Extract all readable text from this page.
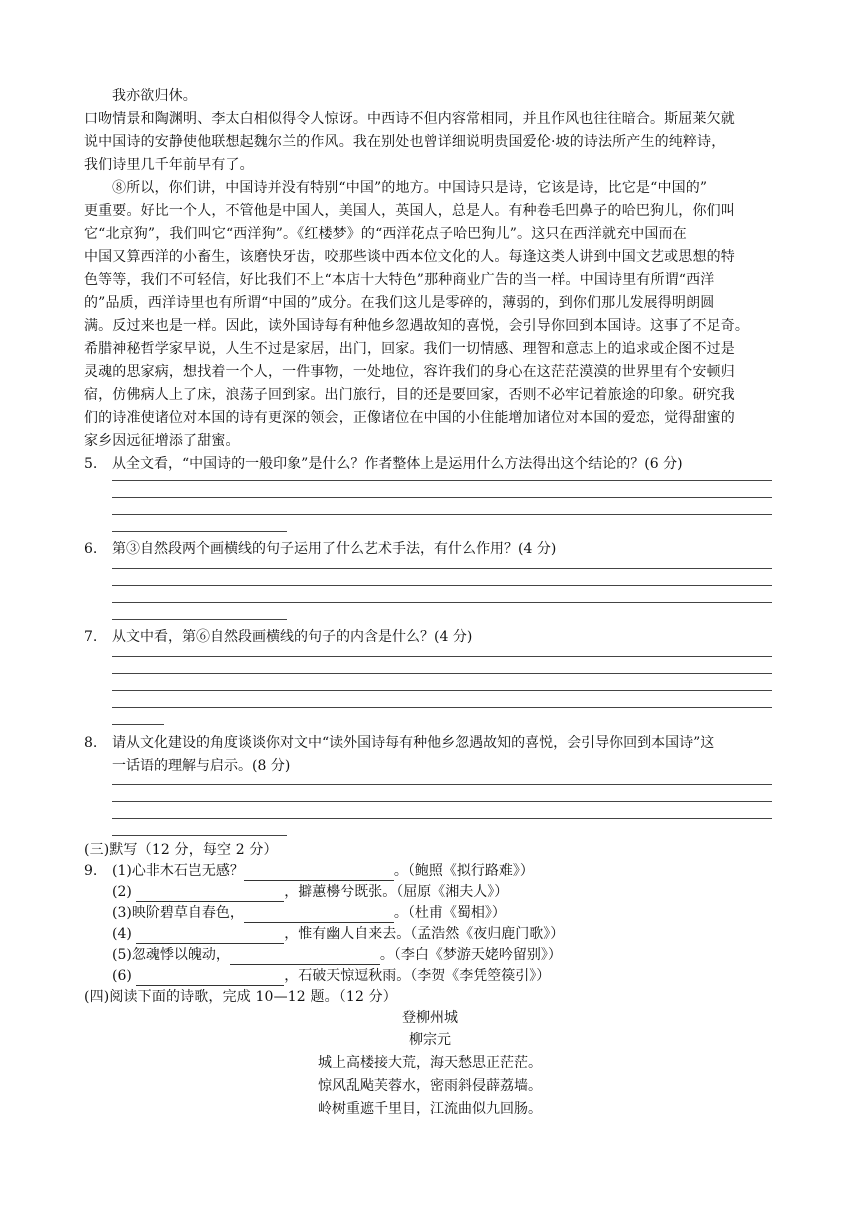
我亦欲归休。
口吻情景和陶渊明、李太白相似得令人惊讶。中西诗不但内容常相同，并且作风也往往暗合。斯屈莱欠就
说中国诗的安静使他联想起魏尔兰的作风。我在别处也曾详细说明贵国爱伦·坡的诗法所产生的纯粹诗，
我们诗里几千年前早有了。
⑧所以，你们讲，中国诗并没有特别“中国”的地方。中国诗只是诗，它该是诗，比它是“中国的”
更重要。好比一个人，不管他是中国人，美国人，英国人，总是人。有种卷毛凹鼻子的哈巴狗儿，你们叫
它“北京狗”，我们叫它“西洋狗”。《红楼梦》的“西洋花点子哈巴狗儿”。这只在西洋就充中国而在
中国又算西洋的小畜生，该磨快牙齿，咬那些谈中西本位文化的人。每逢这类人讲到中国文艺或思想的特
色等等，我们不可轻信，好比我们不上“本店十大特色”那种商业广告的当一样。中国诗里有所谓“西洋
的”品质，西洋诗里也有所谓“中国的”成分。在我们这儿是零碎的，薄弱的，到你们那儿发展得明朗圆
满。反过来也是一样。因此，读外国诗每有种他乡忽遇故知的喜悦，会引导你回到本国诗。这事了不足奇。
希腊神秘哲学家早说，人生不过是家居，出门，回家。我们一切情感、理智和意志上的追求或企图不过是
灵魂的思家病，想找着一个人，一件事物，一处地位，容许我们的身心在这茫茫漠漠的世界里有个安顿归
宿，仿佛病人上了床，浪荡子回到家。出门旅行，目的还是要回家，否则不必牢记着旅途的印象。研究我
们的诗准使诸位对本国的诗有更深的领会，正像诸位在中国的小住能增加诸位对本国的爱恋，觉得甜蜜的
家乡因远征增添了甜蜜。
5. 从全文看，“中国诗的一般印象”是什么？作者整体上是运用什么方法得出这个结论的？(6 分)
6. 第③自然段两个画横线的句子运用了什么艺术手法，有什么作用？(4 分)
7. 从文中看，第⑥自然段画横线的句子的内含是什么？(4 分)
8. 请从文化建设的角度谈谈你对文中“读外国诗每有种他乡忽遇故知的喜悦，会引导你回到本国诗”这
一话语的理解与启示。(8 分)
(三)默写（12 分，每空 2 分）
9. (1)心非木石岂无感？	。（鲍照《拟行路难》）
(2)	，擗蕙櫋兮既张。（屈原《湘夫人》）
(3)映阶碧草自春色，	。（杜甫《蜀相》）
(4)	，惟有幽人自来去。（孟浩然《夜归鹿门歌》）
(5)忽魂悸以魄动，	。（李白《梦游天姥吟留别》）
(6)	，石破天惊逗秋雨。（李贺《李凭箜篌引》）
(四)阅读下面的诗歌，完成 10—12 题。（12 分）
登柳州城
柳宗元
城上高楼接大荒，海天愁思正茫茫。
惊风乱飐芙蓉水，密雨斜侵薜荔墙。
岭树重遮千里目，江流曲似九回肠。
